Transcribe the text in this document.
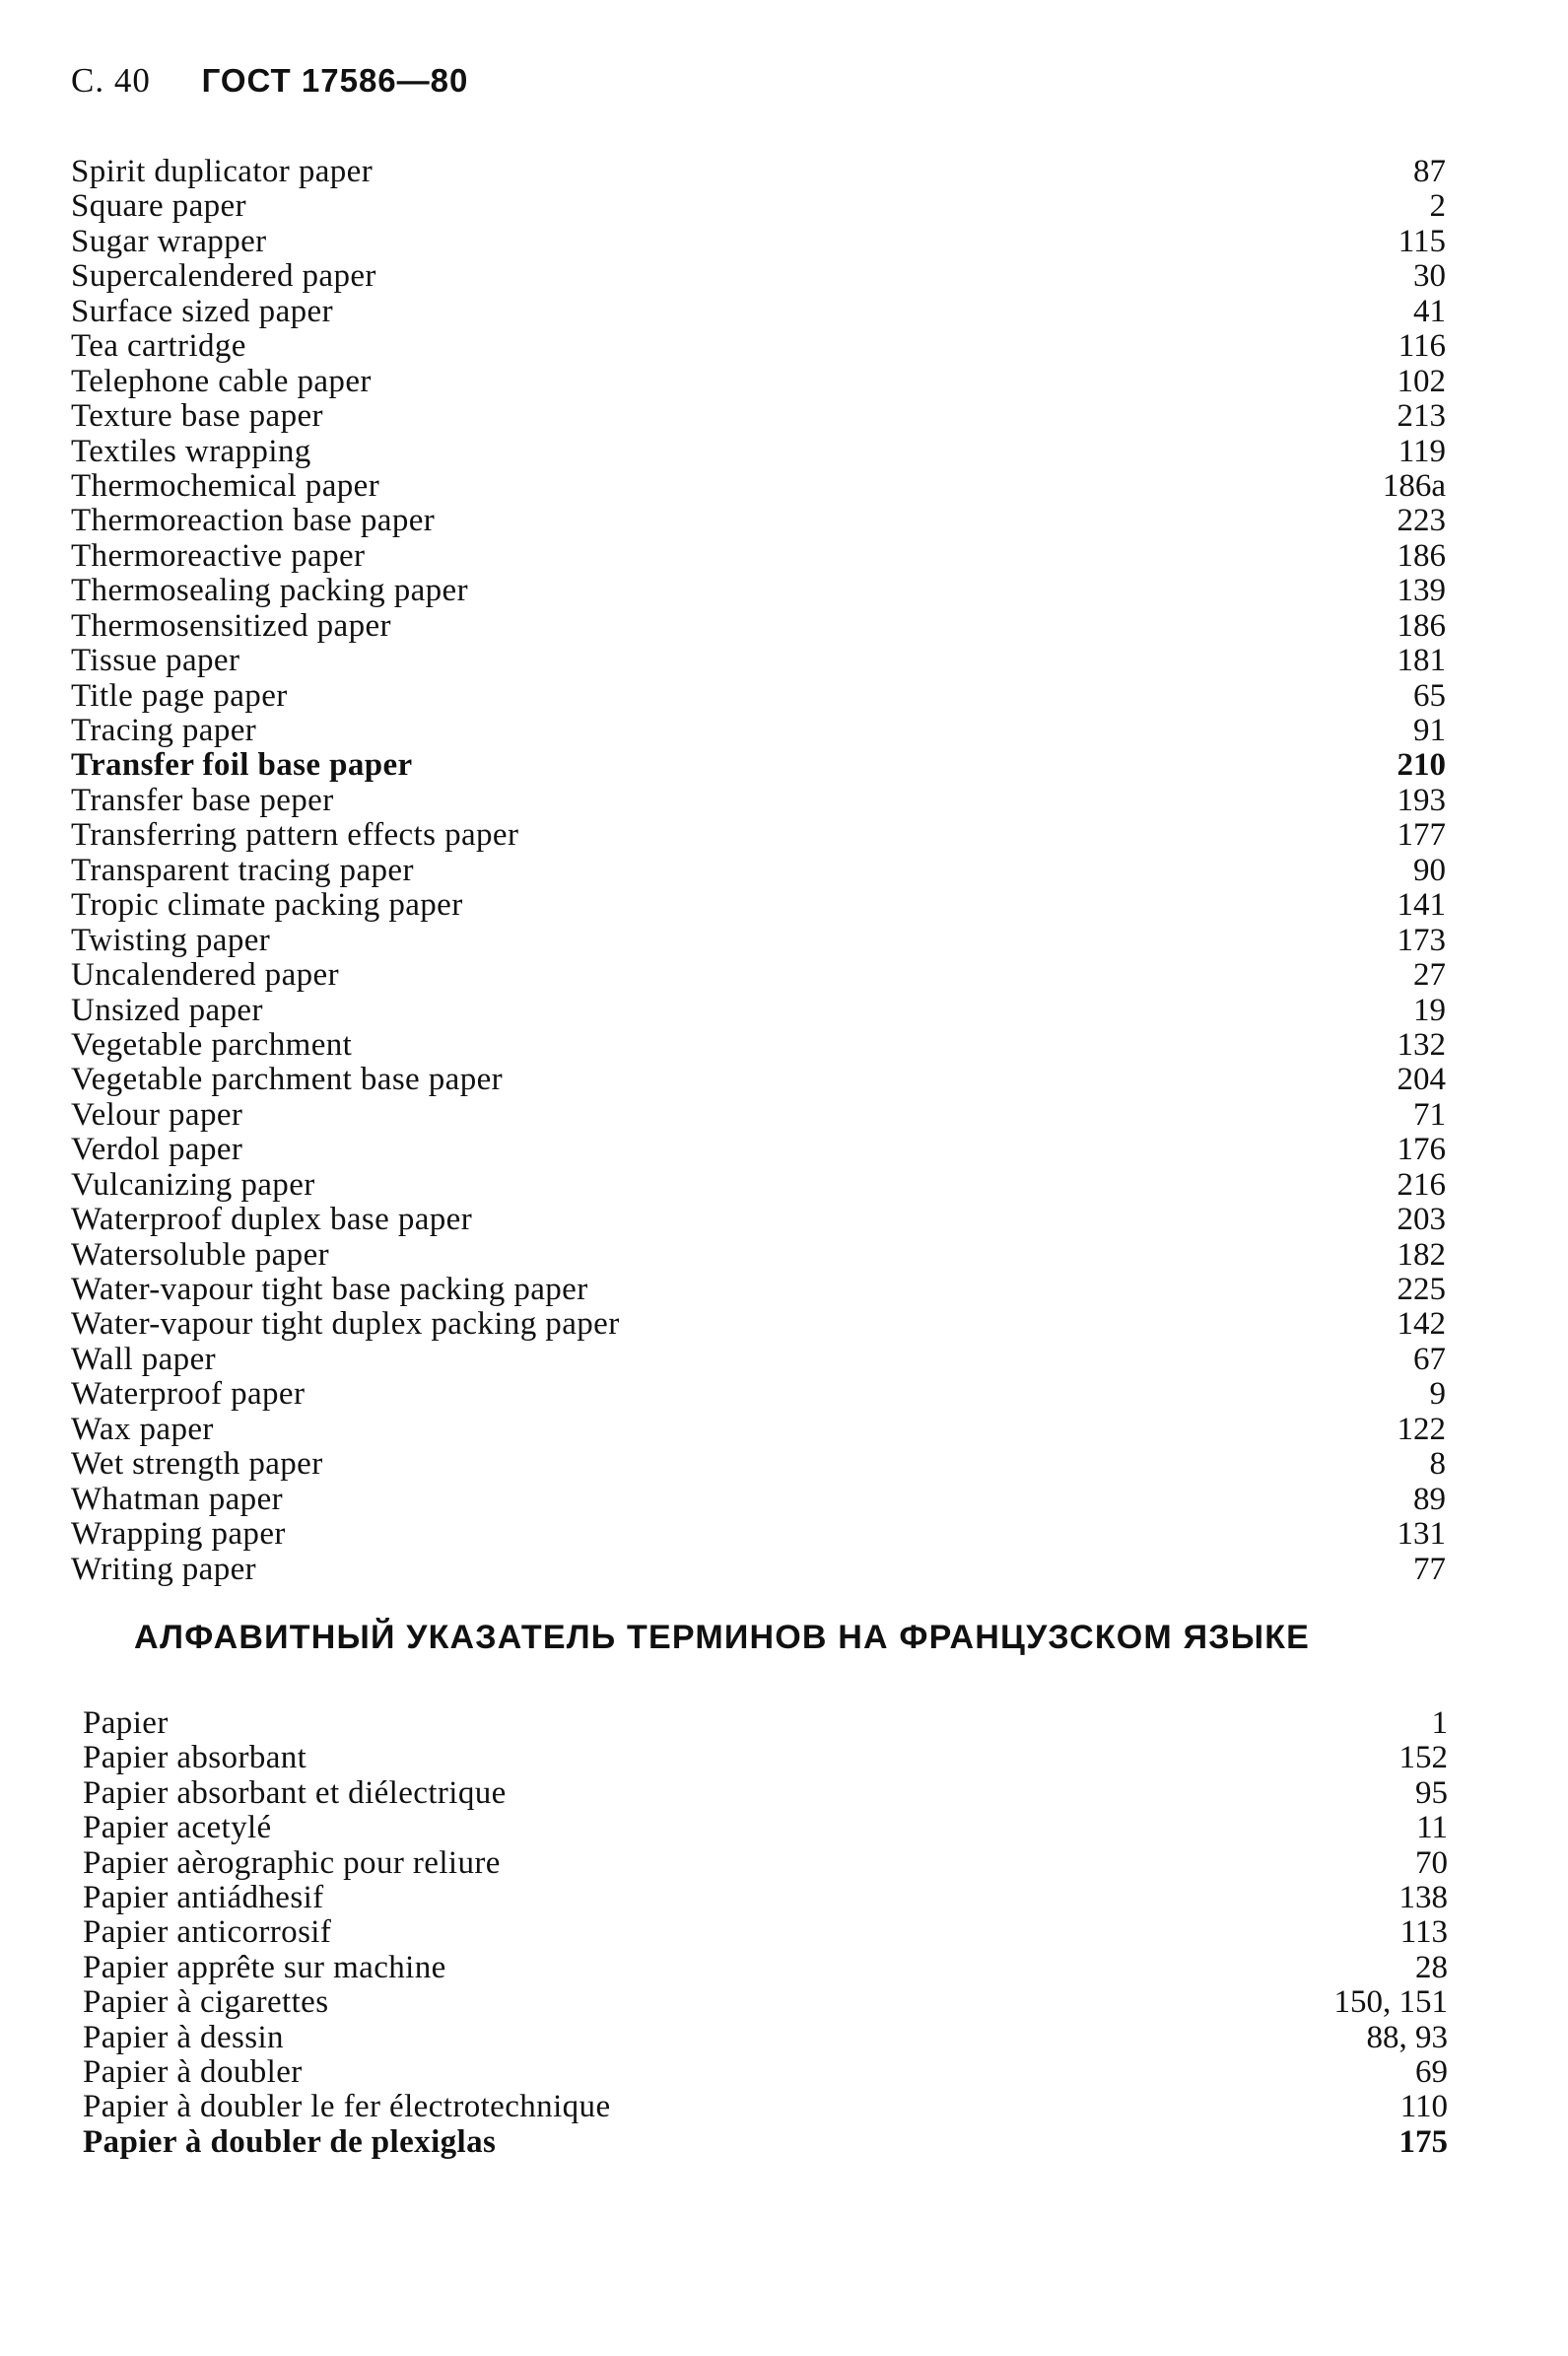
С. 40 ГОСТ 17586—80
Spirit duplicator paper	87
Square paper	2
Sugar wrapper	115
Supercalendered paper	30
Surface sized paper	41
Tea cartridge	116
Telephone cable paper	102
Texture base paper	213
Textiles wrapping	119
Thermochemical paper	186a
Thermoreaction base paper	223
Thermoreactive paper	186
Thermosealing packing paper	139
Thermosensitized paper	186
Tissue paper	181
Title page paper	65
Tracing paper	91
Transfer foil base paper	210
Transfer base peper	193
Transferring pattern effects paper	177
Transparent tracing paper	90
Tropic climate packing paper	141
Twisting paper	173
Uncalendered paper	27
Unsized paper	19
Vegetable parchment	132
Vegetable parchment base paper	204
Velour paper	71
Verdol paper	176
Vulcanizing paper	216
Waterproof duplex base paper	203
Watersoluble paper	182
Water-vapour tight base packing paper	225
Water-vapour tight duplex packing paper	142
Wall paper	67
Waterproof paper	9
Wax paper	122
Wet strength paper	8
Whatman paper	89
Wrapping paper	131
Writing paper	77
АЛФАВИТНЫЙ УКАЗАТЕЛЬ ТЕРМИНОВ НА ФРАНЦУЗСКОМ ЯЗЫКЕ
Papier	1
Papier absorbant	152
Papier absorbant et diélectrique	95
Papier acetylé	11
Papier aèrographic pour reliure	70
Papier antiádhesif	138
Papier anticorrosif	113
Papier apprête sur machine	28
Papier à cigarettes	150, 151
Papier à dessin	88, 93
Papier à doubler	69
Papier à doubler le fer électrotechnique	110
Papier à doubler de plexiglas	175
